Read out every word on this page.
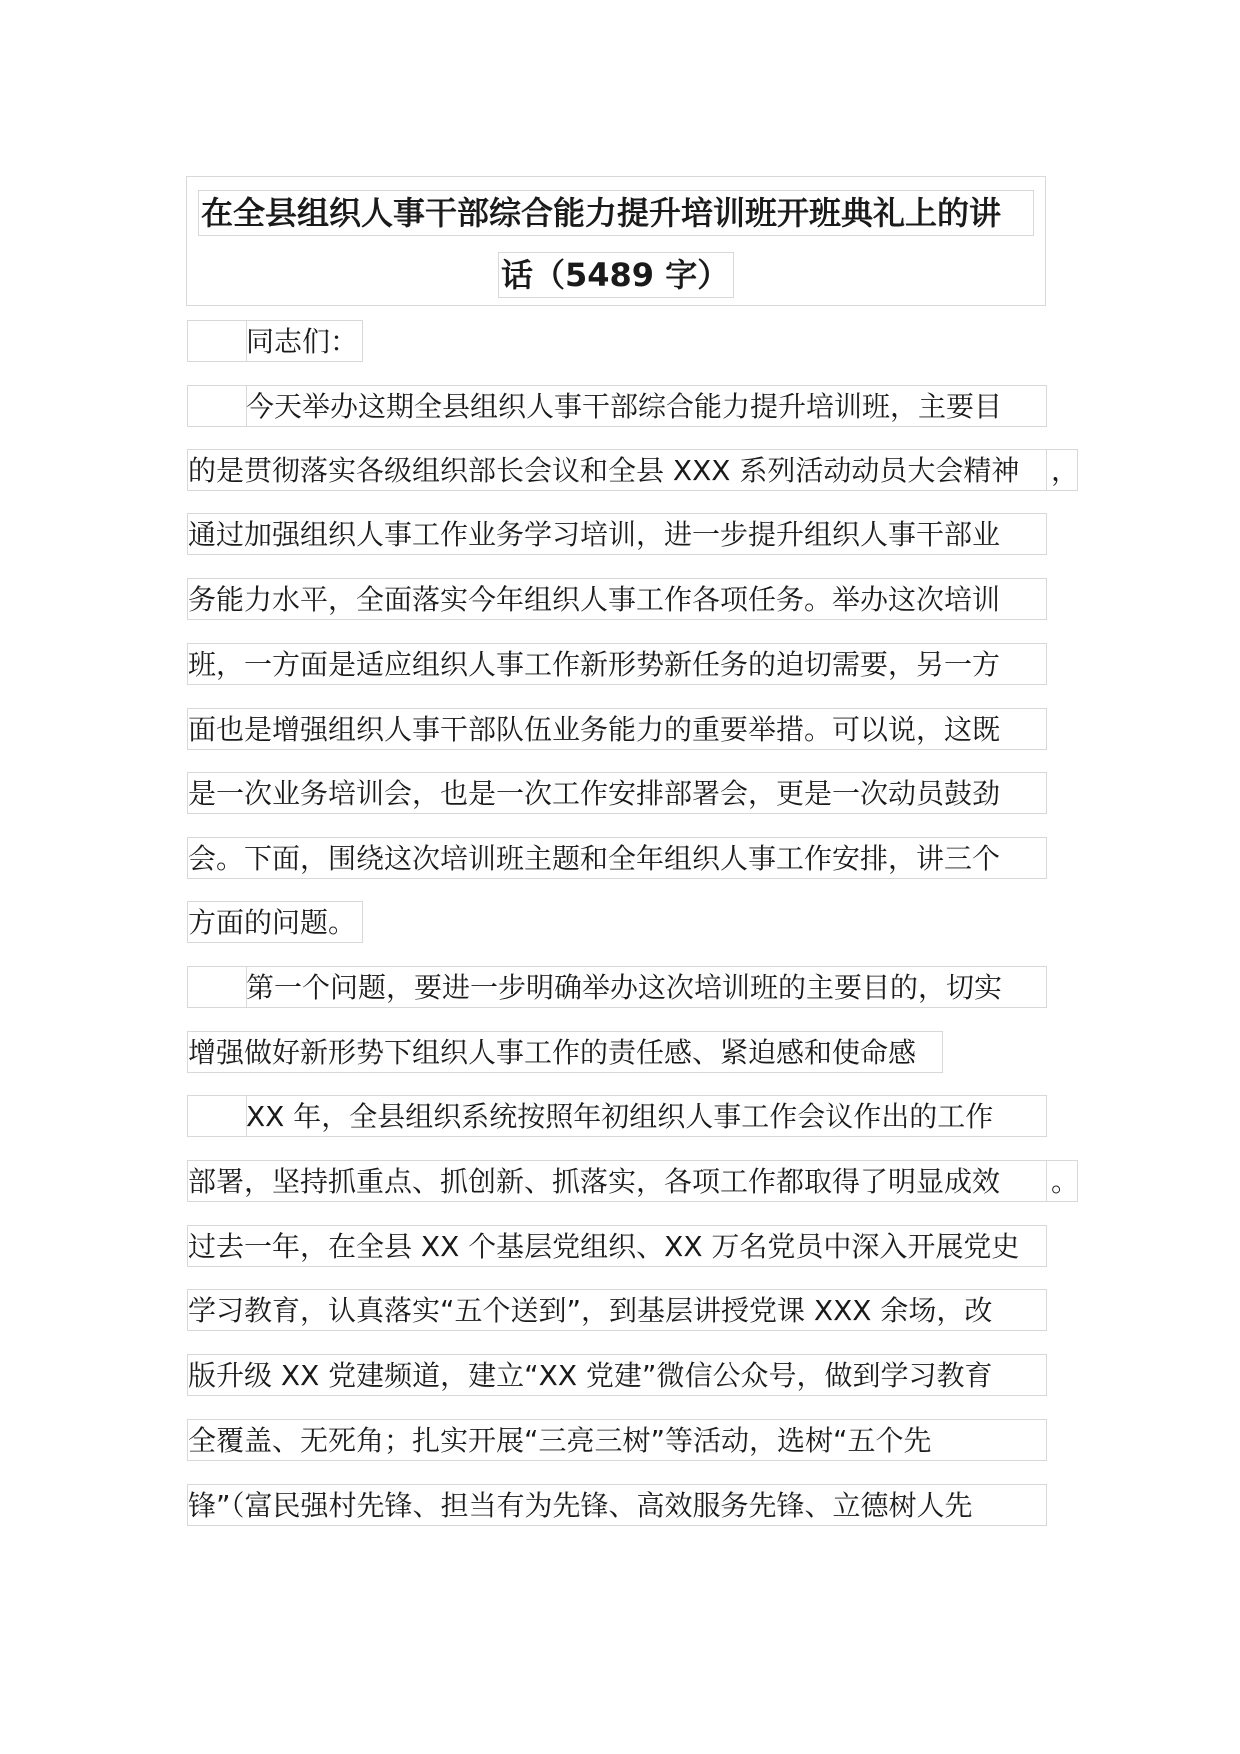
在全县组织人事干部综合能力提升培训班开班典礼上的讲
话（5489 字）
同志们：
今天举办这期全县组织人事干部综合能力提升培训班，主要目
的是贯彻落实各级组织部长会议和全县 XXX 系列活动动员大会精神 ，
通过加强组织人事工作业务学习培训，进一步提升组织人事干部业
务能力水平，全面落实今年组织人事工作各项任务。举办这次培训
班，一方面是适应组织人事工作新形势新任务的迫切需要，另一方
面也是增强组织人事干部队伍业务能力的重要举措。可以说，这既
是一次业务培训会，也是一次工作安排部署会，更是一次动员鼓劲
会。下面，围绕这次培训班主题和全年组织人事工作安排，讲三个
方面的问题。
第一个问题，要进一步明确举办这次培训班的主要目的，切实
增强做好新形势下组织人事工作的责任感、紧迫感和使命感
XX 年，全县组织系统按照年初组织人事工作会议作出的工作
部署，坚持抓重点、抓创新、抓落实，各项工作都取得了明显成效 。
过去一年，在全县 XX 个基层党组织、XX 万名党员中深入开展党史
学习教育，认真落实“五个送到”，到基层讲授党课 XXX 余场，改
版升级 XX 党建频道，建立“XX 党建”微信公众号，做到学习教育
全覆盖、无死角；扎实开展“三亮三树”等活动，选树“五个先
锋”（富民强村先锋、担当有为先锋、高效服务先锋、立德树人先
